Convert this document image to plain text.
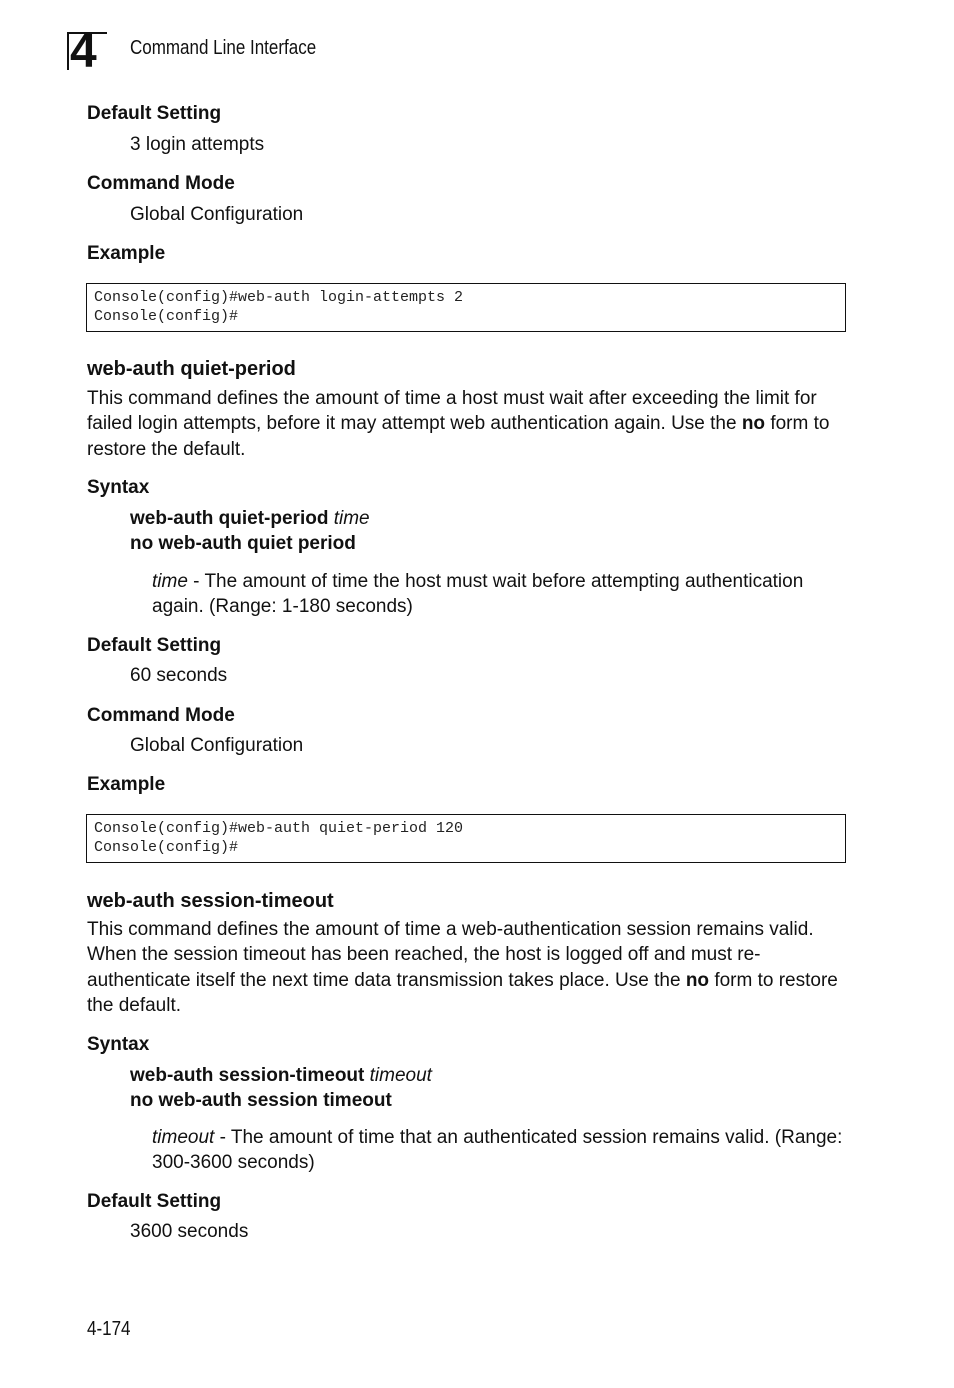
4 Command Line Interface
Default Setting
3 login attempts
Command Mode
Global Configuration
Example
Console(config)#web-auth login-attempts 2
Console(config)#
web-auth quiet-period
This command defines the amount of time a host must wait after exceeding the limit for failed login attempts, before it may attempt web authentication again. Use the no form to restore the default.
Syntax
web-auth quiet-period time
no web-auth quiet period
time - The amount of time the host must wait before attempting authentication again. (Range: 1-180 seconds)
Default Setting
60 seconds
Command Mode
Global Configuration
Example
Console(config)#web-auth quiet-period 120
Console(config)#
web-auth session-timeout
This command defines the amount of time a web-authentication session remains valid. When the session timeout has been reached, the host is logged off and must re-authenticate itself the next time data transmission takes place. Use the no form to restore the default.
Syntax
web-auth session-timeout timeout
no web-auth session timeout
timeout - The amount of time that an authenticated session remains valid. (Range: 300-3600 seconds)
Default Setting
3600 seconds
4-174
